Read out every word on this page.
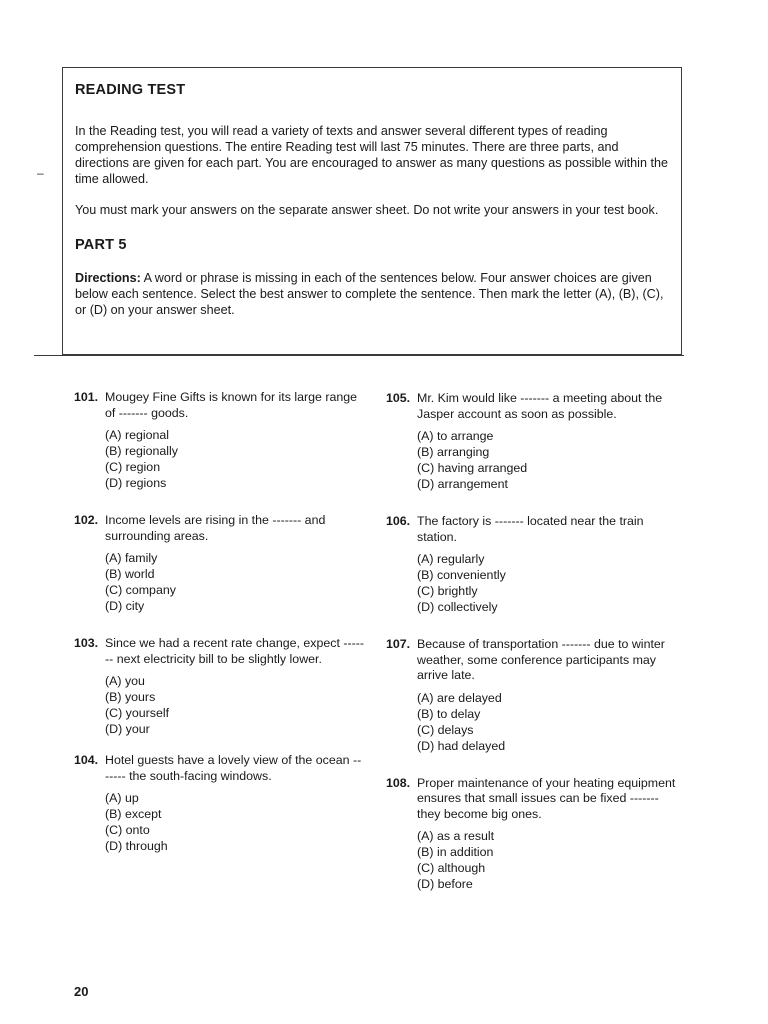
READING TEST

In the Reading test, you will read a variety of texts and answer several different types of reading comprehension questions. The entire Reading test will last 75 minutes. There are three parts, and directions are given for each part. You are encouraged to answer as many questions as possible within the time allowed.

You must mark your answers on the separate answer sheet. Do not write your answers in your test book.

PART 5

Directions: A word or phrase is missing in each of the sentences below. Four answer choices are given below each sentence. Select the best answer to complete the sentence. Then mark the letter (A), (B), (C), or (D) on your answer sheet.

–
101. Mougey Fine Gifts is known for its large range of ------- goods.

(A) regional

(B) regionally

(C) region

(D) regions

102. Income levels are rising in the ------- and surrounding areas.

(A) family

(B) world

(C) company

(D) city

103. Since we had a recent rate change, expect ------- next electricity bill to be slightly lower.

(A) you

(B) yours

(C) yourself

(D) your

104. Hotel guests have a lovely view of the ocean ------- the south-facing windows.

(A) up

(B) except

(C) onto

(D) through

105. Mr. Kim would like ------- a meeting about the Jasper account as soon as possible.

(A) to arrange

(B) arranging

(C) having arranged

(D) arrangement

106. The factory is ------- located near the train station.

(A) regularly

(B) conveniently

(C) brightly

(D) collectively

107. Because of transportation ------- due to winter weather, some conference participants may arrive late.

(A) are delayed

(B) to delay

(C) delays

(D) had delayed

108. Proper maintenance of your heating equipment ensures that small issues can be fixed ------- they become big ones.

(A) as a result

(B) in addition

(C) although

(D) before

20
